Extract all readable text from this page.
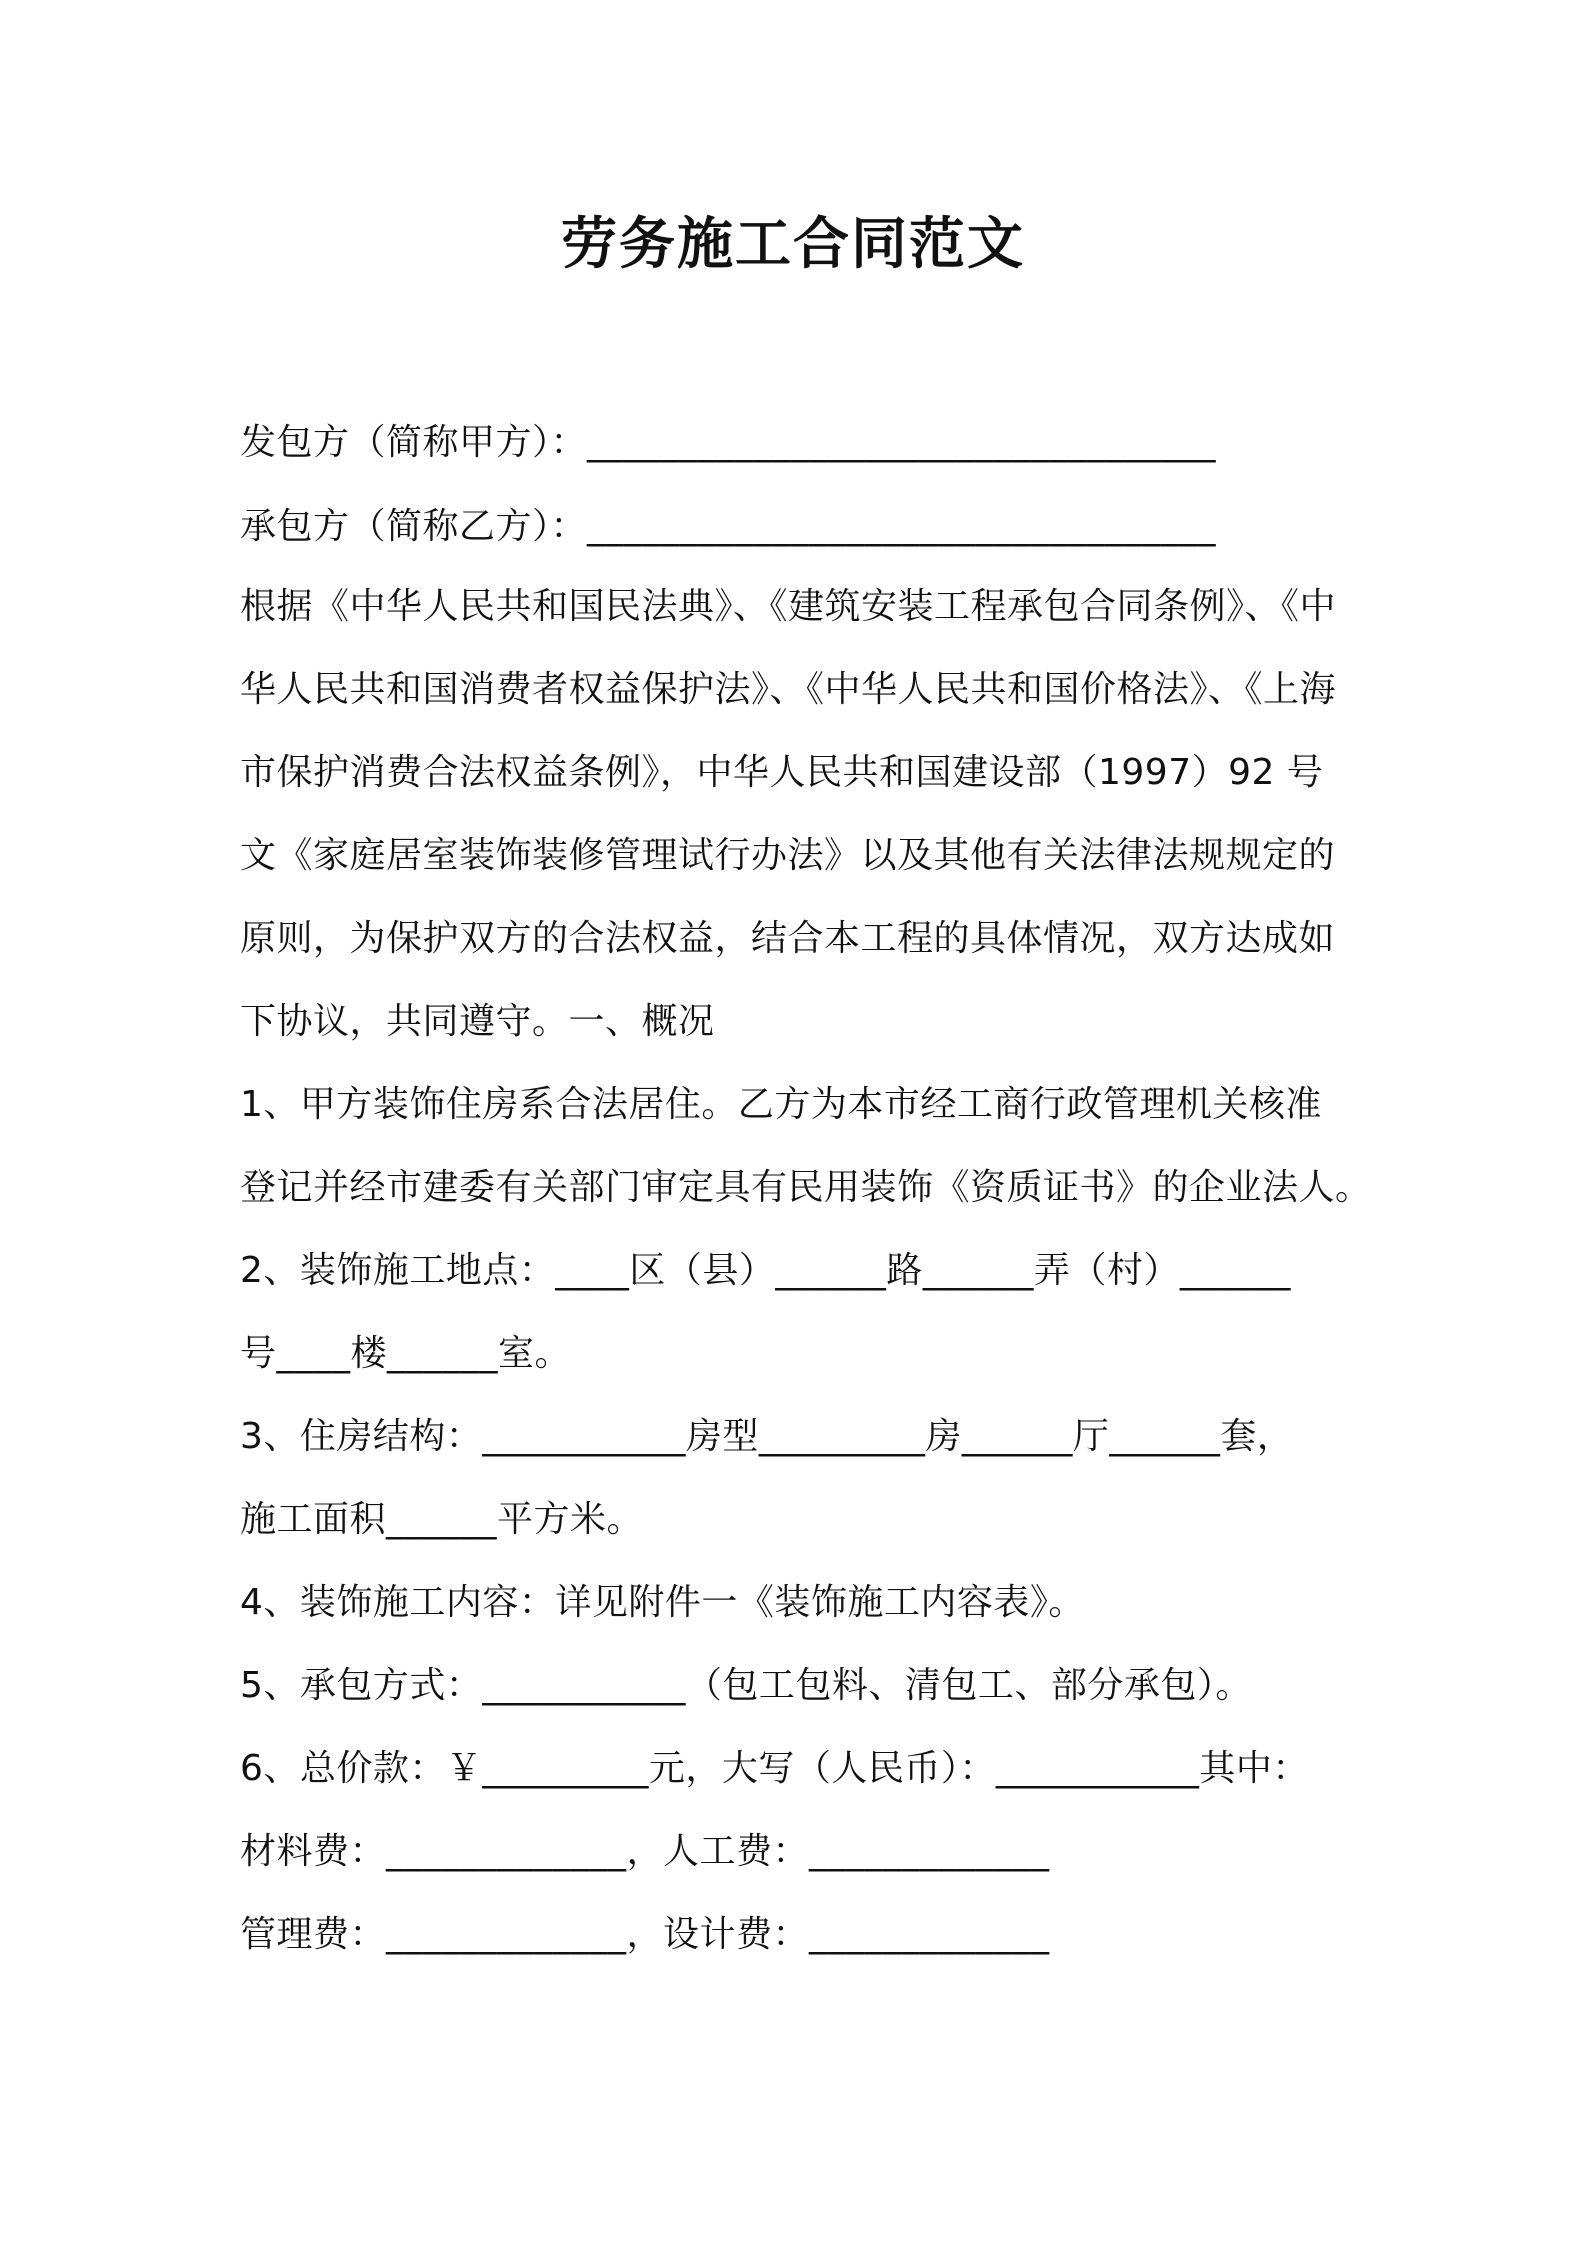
劳务施工合同范文
发包方（简称甲方）：__________________________________
承包方（简称乙方）：__________________________________
根据《中华人民共和国民法典》、《建筑安装工程承包合同条例》、《中
华人民共和国消费者权益保护法》、《中华人民共和国价格法》、《上海
市保护消费合法权益条例》，中华人民共和国建设部（1997）92 号
文《家庭居室装饰装修管理试行办法》以及其他有关法律法规规定的
原则，为保护双方的合法权益，结合本工程的具体情况，双方达成如
下协议，共同遵守。一、概况
1、甲方装饰住房系合法居住。乙方为本市经工商行政管理机关核准
登记并经市建委有关部门审定具有民用装饰《资质证书》的企业法人。
2、装饰施工地点：____区（县）______路______弄（村）______
号____楼______室。
3、住房结构：___________房型_________房______厅______套，
施工面积______平方米。
4、装饰施工内容：详见附件一《装饰施工内容表》。
5、承包方式：___________（包工包料、清包工、部分承包）。
6、总价款：￥_________元，大写（人民币）：___________其中：
材料费：_____________，人工费：_____________
管理费：_____________，设计费：_____________
